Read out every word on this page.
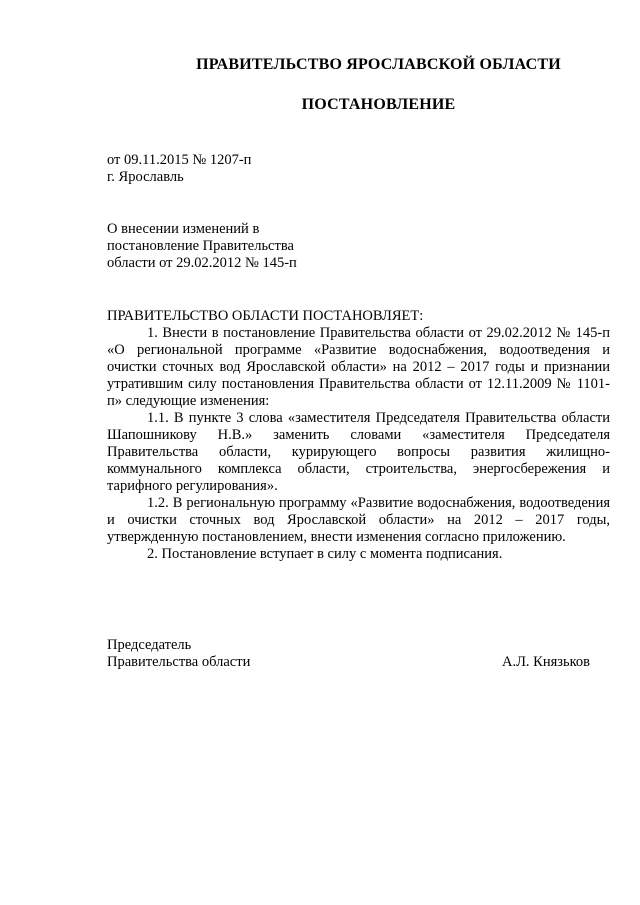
ПРАВИТЕЛЬСТВО ЯРОСЛАВСКОЙ ОБЛАСТИ
ПОСТАНОВЛЕНИЕ
от 09.11.2015 № 1207-п
г. Ярославль
О внесении изменений в
постановление Правительства
области от 29.02.2012 № 145-п

ПРАВИТЕЛЬСТВО ОБЛАСТИ ПОСТАНОВЛЯЕТ:

1. Внести в постановление Правительства области от 29.02.2012 № 145-п «О региональной программе «Развитие водоснабжения, водоотведения и очистки сточных вод Ярославской области» на 2012 – 2017 годы и признании утратившим силу постановления Правительства области от 12.11.2009 № 1101-п» следующие изменения:

1.1. В пункте 3 слова «заместителя Председателя Правительства области Шапошникову Н.В.» заменить словами «заместителя Председателя Правительства области, курирующего вопросы развития жилищно-коммунального комплекса области, строительства, энергосбережения и тарифного регулирования».

1.2. В региональную программу «Развитие водоснабжения, водоотведения и очистки сточных вод Ярославской области» на 2012 – 2017 годы, утвержденную постановлением, внести изменения согласно приложению.

2. Постановление вступает в силу с момента подписания.

Председатель
Правительства области	А.Л. Князьков
